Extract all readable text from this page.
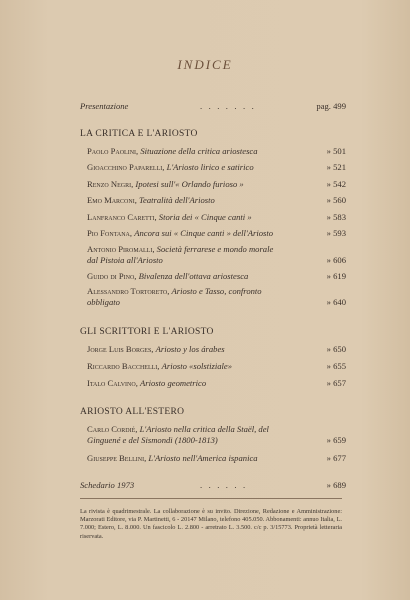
INDICE
Presentazione	.   .   .   .   .   .   .	pag. 499
LA CRITICA E L'ARIOSTO
Paolo Paolini, Situazione della critica ariostesca	» 501
Gioacchino Paparelli, L'Ariosto lirico e satirico	» 521
Renzo Negri, Ipotesi sull'« Orlando furioso »	» 542
Emo Marconi, Teatralità dell'Ariosto	» 560
Lanfranco Caretti, Storia dei « Cinque canti »	» 583
Pio Fontana, Ancora sui « Cinque canti » dell'Ariosto	» 593
Antonio Piromalli, Società ferrarese e mondo morale
dal Pistoia all'Ariosto	» 606
Guido di Pino, Bivalenza dell'ottava ariostesca	» 619
Alessandro Tortoreto, Ariosto e Tasso, confronto
obbligato	» 640
GLI SCRITTORI E L'ARIOSTO
Jorge Luis Borges, Ariosto y los árabes	» 650
Riccardo Bacchelli, Ariosto «solstiziale»	» 655
Italo Calvino, Ariosto geometrico	» 657
ARIOSTO ALL'ESTERO
Carlo Cordié, L'Ariosto nella critica della Staël, del
Ginguené e del Sismondi (1800-1813)	» 659
Giuseppe Bellini, L'Ariosto nell'America ispanica	» 677
Schedario 1973	.   .   .   .   .   .	» 689
La rivista è quadrimestrale. La collaborazione è su invito. Direzione, Redazione e Amministrazione: Marzorati Editore, via P. Martinetti, 6 - 20147 Milano, telefono 405.050. Abbonamenti: annuo Italia, L. 7.000; Estero, L. 8.000. Un fascicolo L. 2.800 - arretrato L. 3.500. c/c p. 3/15773. Proprietà letteraria riservata.
